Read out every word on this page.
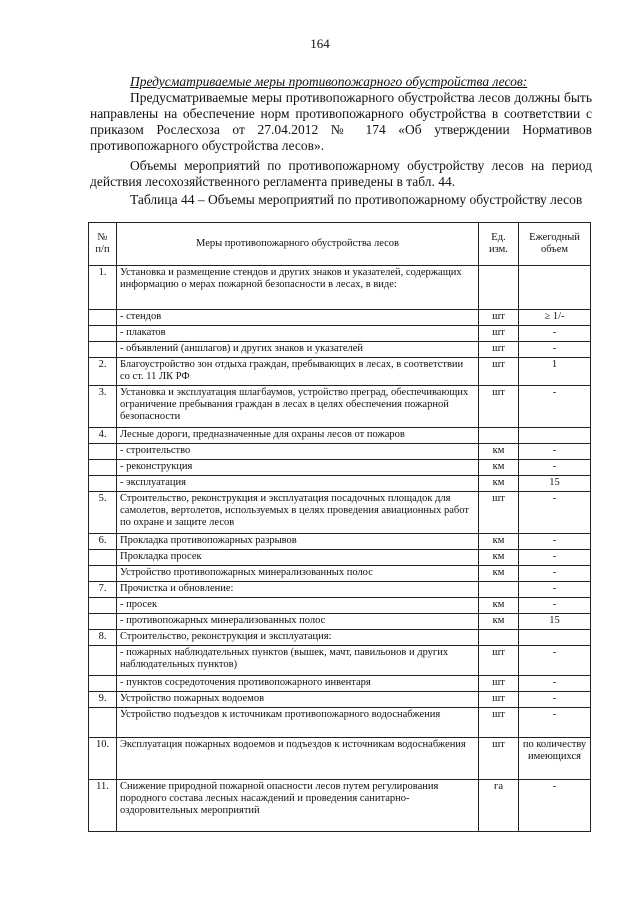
164
Предусматриваемые меры противопожарного обустройства лесов:

Предусматриваемые меры противопожарного обустройства лесов должны быть направлены на обеспечение норм противопожарного обустройства в соответствии с приказом Рослесхоза от 27.04.2012 № 174 «Об утверждении Нормативов противопожарного обустройства лесов».

Объемы мероприятий по противопожарному обустройству лесов на период действия лесохозяйственного регламента приведены в табл. 44.

Таблица 44 – Объемы мероприятий по противопожарному обустройству лесов

№ п/п	Меры противопожарного обустройства лесов	Ед. изм.	Ежегодный объем
1.	Установка и размещение стендов и других знаков и указателей, содержащих информацию о мерах пожарной безопасности в лесах, в виде:		
	- стендов	шт	≥ 1/-
	- плакатов	шт	-
	- объявлений (аншлагов) и других знаков и указателей	шт	-
2.	Благоустройство зон отдыха граждан, пребывающих в лесах, в соответствии со ст. 11 ЛК РФ	шт	1
3.	Установка и эксплуатация шлагбаумов, устройство преград, обеспечивающих ограничение пребывания граждан в лесах в целях обеспечения пожарной безопасности	шт	-
4.	Лесные дороги, предназначенные для охраны лесов от пожаров		
	- строительство	км	-
	- реконструкция	км	-
	- эксплуатация	км	15
5.	Строительство, реконструкция и эксплуатация посадочных площадок для самолетов, вертолетов, используемых в целях проведения авиационных работ по охране и защите лесов	шт	-
6.	Прокладка противопожарных разрывов	км	-
	Прокладка просек	км	-
	Устройство противопожарных минерализованных полос	км	-
7.	Прочистка и обновление:		-
	- просек	км	-
	- противопожарных минерализованных полос	км	15
8.	Строительство, реконструкция и эксплуатация:		
	- пожарных наблюдательных пунктов (вышек, мачт, павильонов и других наблюдательных пунктов)	шт	-
	- пунктов сосредоточения противопожарного инвентаря	шт	-
9.	Устройство пожарных водоемов	шт	-
	Устройство подъездов к источникам противопожарного водоснабжения	шт	-
10.	Эксплуатация пожарных водоемов и подъездов к источникам водоснабжения	шт	по количеству имеющихся
11.	Снижение природной пожарной опасности лесов путем регулирования породного состава лесных насаждений и проведения санитарно-оздоровительных мероприятий	га	-
